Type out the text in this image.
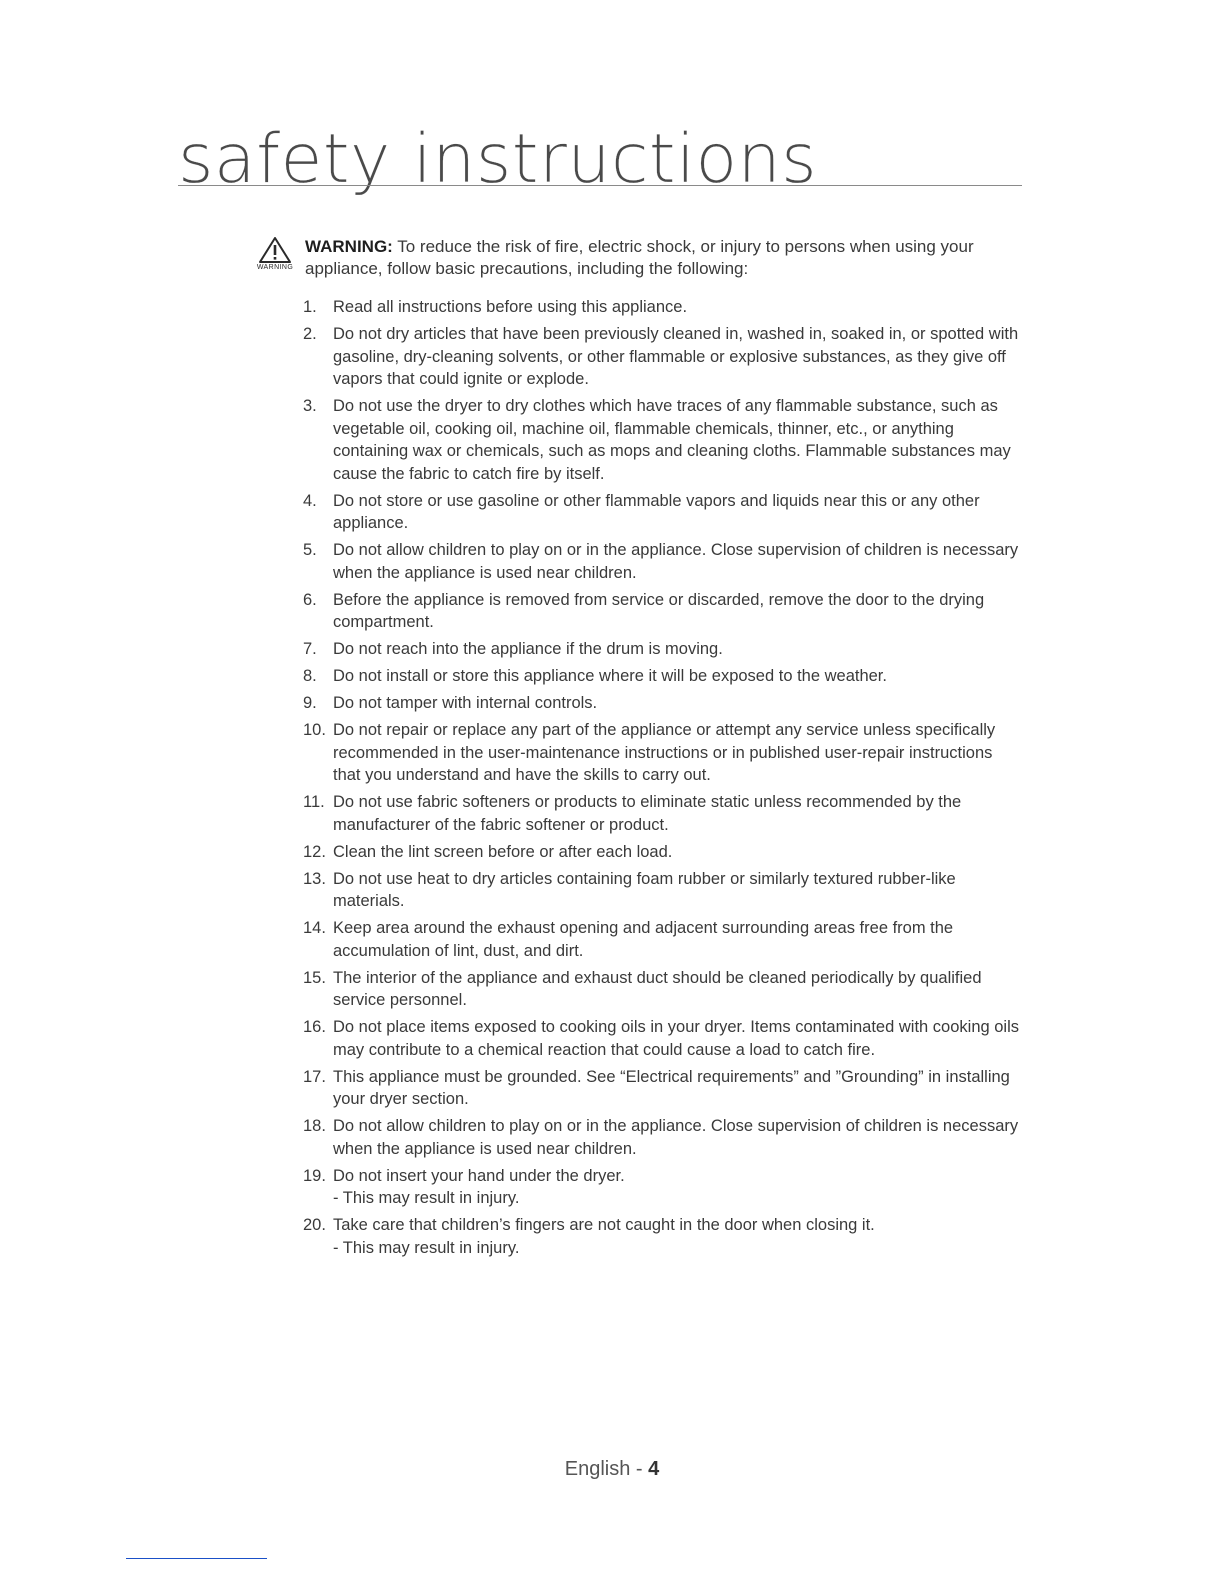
safety instructions
WARNING
WARNING: To reduce the risk of fire, electric shock, or injury to persons when using your appliance, follow basic precautions, including the following:
1. Read all instructions before using this appliance.
2. Do not dry articles that have been previously cleaned in, washed in, soaked in, or spotted with gasoline, dry-cleaning solvents, or other flammable or explosive substances, as they give off vapors that could ignite or explode.
3. Do not use the dryer to dry clothes which have traces of any flammable substance, such as vegetable oil, cooking oil, machine oil, flammable chemicals, thinner, etc., or anything containing wax or chemicals, such as mops and cleaning cloths. Flammable substances may cause the fabric to catch fire by itself.
4. Do not store or use gasoline or other flammable vapors and liquids near this or any other appliance.
5. Do not allow children to play on or in the appliance. Close supervision of children is necessary when the appliance is used near children.
6. Before the appliance is removed from service or discarded, remove the door to the drying compartment.
7. Do not reach into the appliance if the drum is moving.
8. Do not install or store this appliance where it will be exposed to the weather.
9. Do not tamper with internal controls.
10. Do not repair or replace any part of the appliance or attempt any service unless specifically recommended in the user-maintenance instructions or in published user-repair instructions that you understand and have the skills to carry out.
11. Do not use fabric softeners or products to eliminate static unless recommended by the manufacturer of the fabric softener or product.
12. Clean the lint screen before or after each load.
13. Do not use heat to dry articles containing foam rubber or similarly textured rubber-like materials.
14. Keep area around the exhaust opening and adjacent surrounding areas free from the accumulation of lint, dust, and dirt.
15. The interior of the appliance and exhaust duct should be cleaned periodically by qualified service personnel.
16. Do not place items exposed to cooking oils in your dryer. Items contaminated with cooking oils may contribute to a chemical reaction that could cause a load to catch fire.
17. This appliance must be grounded. See “Electrical requirements” and ”Grounding” in installing your dryer section.
18. Do not allow children to play on or in the appliance. Close supervision of children is necessary when the appliance is used near children.
19. Do not insert your hand under the dryer.
- This may result in injury.
20. Take care that children’s fingers are not caught in the door when closing it.
- This may result in injury.
English - 4
